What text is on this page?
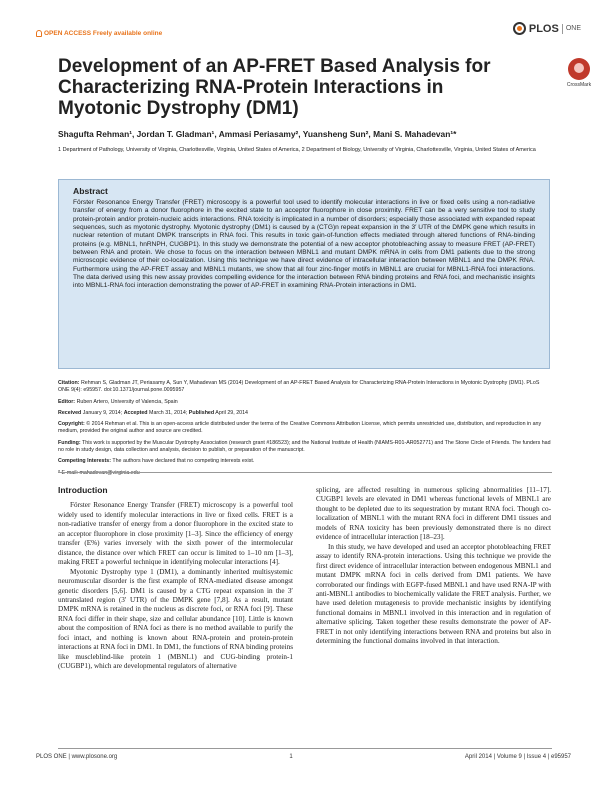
OPEN ACCESS Freely available online	PLOS ONE
Development of an AP-FRET Based Analysis for Characterizing RNA-Protein Interactions in Myotonic Dystrophy (DM1)
CrossMark
Shagufta Rehman¹, Jordan T. Gladman¹, Ammasi Periasamy², Yuansheng Sun², Mani S. Mahadevan¹*
1 Department of Pathology, University of Virginia, Charlottesville, Virginia, United States of America, 2 Department of Biology, University of Virginia, Charlottesville, Virginia, United States of America
Abstract

Förster Resonance Energy Transfer (FRET) microscopy is a powerful tool used to identify molecular interactions in live or fixed cells using a non-radiative transfer of energy from a donor fluorophore in the excited state to an acceptor fluorophore in close proximity. FRET can be a very sensitive tool to study protein-protein and/or protein-nucleic acids interactions. RNA toxicity is implicated in a number of disorders; especially those associated with expanded repeat sequences, such as myotonic dystrophy. Myotonic dystrophy (DM1) is caused by a (CTG)n repeat expansion in the 3′ UTR of the DMPK gene which results in nuclear retention of mutant DMPK transcripts in RNA foci. This results in toxic gain-of-function effects mediated through altered functions of RNA-binding proteins (e.g. MBNL1, hnRNPH, CUGBP1). In this study we demonstrate the potential of a new acceptor photobleaching assay to measure FRET (AP-FRET) between RNA and protein. We chose to focus on the interaction between MBNL1 and mutant DMPK mRNA in cells from DM1 patients due to the strong microscopic evidence of their co-localization. Using this technique we have direct evidence of intracellular interaction between MBNL1 and the DMPK RNA. Furthermore using the AP-FRET assay and MBNL1 mutants, we show that all four zinc-finger motifs in MBNL1 are crucial for MBNL1-RNA foci interactions. The data derived using this new assay provides compelling evidence for the interaction between RNA binding proteins and RNA foci, and mechanistic insights into MBNL1-RNA foci interaction demonstrating the power of AP-FRET in examining RNA-Protein interactions in DM1.

Citation: Rehman S, Gladman JT, Periasamy A, Sun Y, Mahadevan MS (2014) Development of an AP-FRET Based Analysis for Characterizing RNA-Protein Interactions in Myotonic Dystrophy (DM1). PLoS ONE 9(4): e95957. doi:10.1371/journal.pone.0095957
Editor: Ruben Artero, University of Valencia, Spain
Received January 9, 2014; Accepted March 31, 2014; Published April 29, 2014
Copyright: © 2014 Rehman et al. This is an open-access article distributed under the terms of the Creative Commons Attribution License, which permits unrestricted use, distribution, and reproduction in any medium, provided the original author and source are credited.
Funding: This work is supported by the Muscular Dystrophy Association (research grant #186523); and the National Institute of Health (NIAMS-R01-AR052771) and The Stone Circle of Friends. The funders had no role in study design, data collection and analysis, decision to publish, or preparation of the manuscript.
Competing Interests: The authors have declared that no competing interests exist.
Introduction

Förster Resonance Energy Transfer (FRET) microscopy is a powerful tool widely used to identify molecular interactions in live or fixed cells. FRET is a non-radiative transfer of energy from a donor fluorophore in the excited state to an acceptor fluorophore in close proximity [1–3]. Since the efficiency of energy transfer (E%) varies inversely with the sixth power of the intermolecular distance, the distance over which FRET can occur is limited to 1–10 nm [1–3], making FRET a powerful technique in identifying molecular interactions [4].

Myotonic Dystrophy type 1 (DM1), a dominantly inherited multisystemic neuromuscular disorder is the first example of RNA-mediated disease amongst genetic disorders [5,6]. DM1 is caused by a CTG repeat expansion in the 3′ untranslated region (3′ UTR) of the DMPK gene [7,8]. As a result, mutant DMPK mRNA is retained in the nucleus as discrete foci, or RNA foci [9]. These RNA foci differ in their shape, size and cellular abundance [10]. Little is known about the composition of RNA foci as there is no method available to purify the foci intact, and nothing is known about RNA-protein and protein-protein interactions at RNA foci in DM1. In DM1, the functions of RNA binding proteins like muscleblind-like protein 1 (MBNL1) and CUG-binding protein-1 (CUGBP1), which are developmental regulators of alternative

splicing, are affected resulting in numerous splicing abnormalities [11–17]. CUGBP1 levels are elevated in DM1 whereas functional levels of MBNL1 are thought to be depleted due to its sequestration by mutant RNA foci. Though co-localization of MBNL1 with the mutant RNA foci in different DM1 tissues and models of RNA toxicity has been previously demonstrated there is no direct evidence of intracellular interaction [18–23].

In this study, we have developed and used an acceptor photobleaching FRET assay to identify RNA-protein interactions. Using this technique we provide the first direct evidence of intracellular interaction between endogenous MBNL1 and mutant DMPK mRNA foci in cells derived from DM1 patients. We have corroborated our findings with EGFP-fused MBNL1 and have used RNA-IP with anti-MBNL1 antibodies to biochemically validate the FRET analysis. Further, we have used deletion mutagenesis to provide mechanistic insights by identifying functional domains in MBNL1 involved in this interaction and in regulation of alternative splicing. Taken together these results demonstrate the power of AP-FRET in not only identifying interactions between RNA and proteins but also in determining the functional domains involved in that interaction.

PLOS ONE | www.plosone.org	1	April 2014 | Volume 9 | Issue 4 | e95957
